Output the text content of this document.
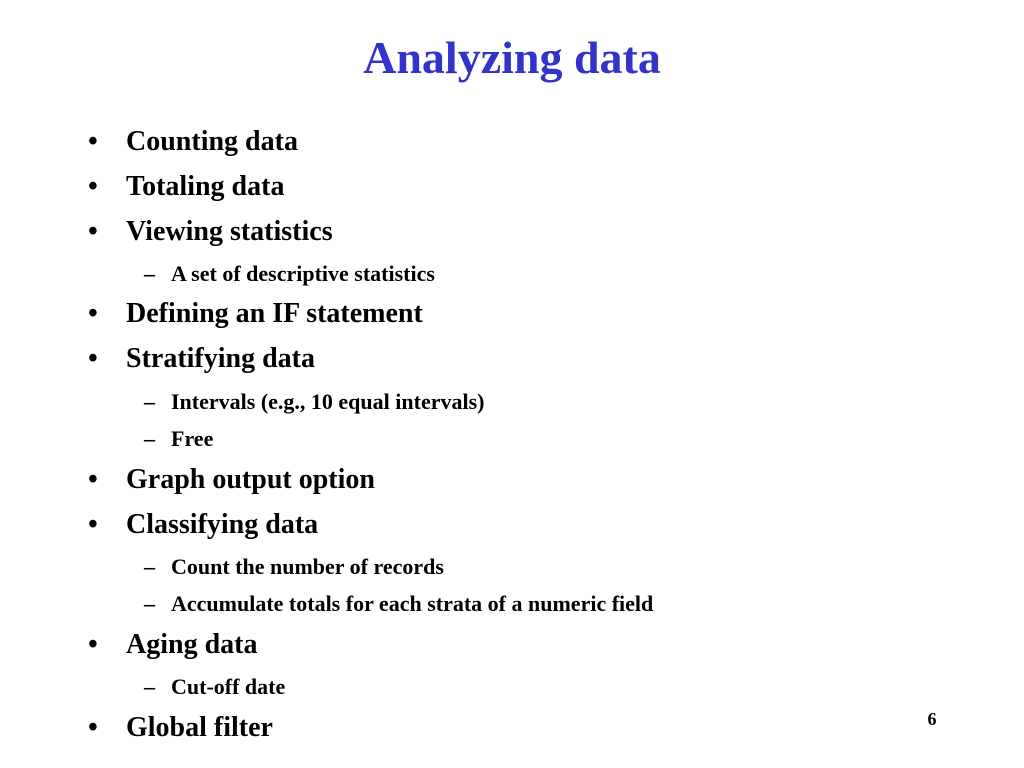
Analyzing data
• Counting data
• Totaling data
• Viewing statistics
– A set of descriptive statistics
• Defining an IF statement
• Stratifying data
– Intervals (e.g., 10 equal intervals)
– Free
• Graph output option
• Classifying data
– Count the number of records
– Accumulate totals for each strata of a numeric field
• Aging data
– Cut-off date
• Global filter	6
